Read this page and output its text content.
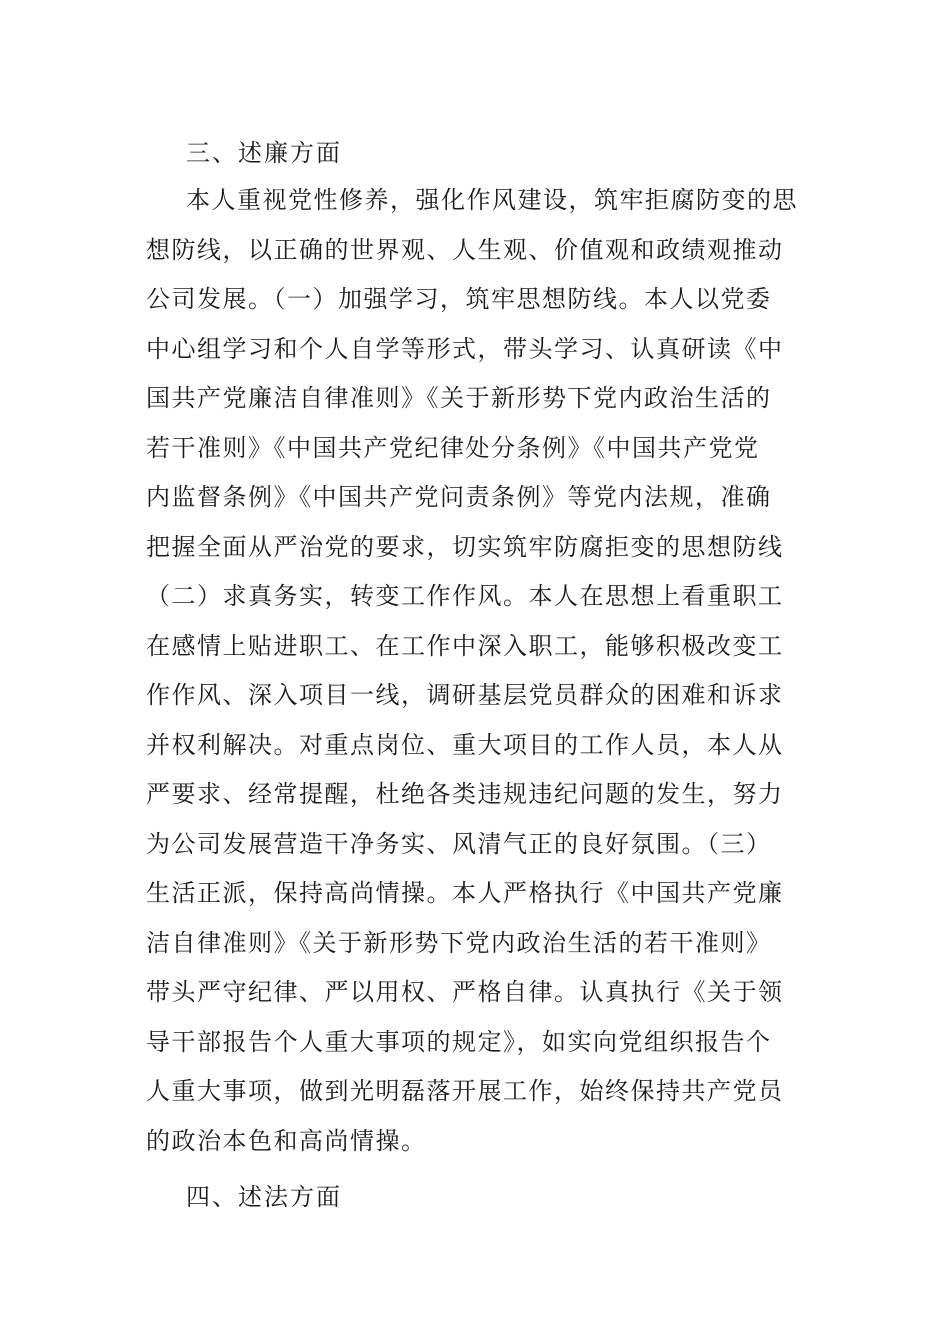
三、述廉方面
本人重视党性修养，强化作风建设，筑牢拒腐防变的思
想防线，以正确的世界观、人生观、价值观和政绩观推动
公司发展。（一）加强学习，筑牢思想防线。本人以党委
中心组学习和个人自学等形式，带头学习、认真研读《中
国共产党廉洁自律准则》《关于新形势下党内政治生活的
若干准则》《中国共产党纪律处分条例》《中国共产党党
内监督条例》《中国共产党问责条例》等党内法规，准确
把握全面从严治党的要求，切实筑牢防腐拒变的思想防线
（二）求真务实，转变工作作风。本人在思想上看重职工
在感情上贴进职工、在工作中深入职工，能够积极改变工
作作风、深入项目一线，调研基层党员群众的困难和诉求
并权利解决。对重点岗位、重大项目的工作人员，本人从
严要求、经常提醒，杜绝各类违规违纪问题的发生，努力
为公司发展营造干净务实、风清气正的良好氛围。（三）
生活正派，保持高尚情操。本人严格执行《中国共产党廉
洁自律准则》《关于新形势下党内政治生活的若干准则》
带头严守纪律、严以用权、严格自律。认真执行《关于领
导干部报告个人重大事项的规定》，如实向党组织报告个
人重大事项，做到光明磊落开展工作，始终保持共产党员
的政治本色和高尚情操。
四、述法方面
